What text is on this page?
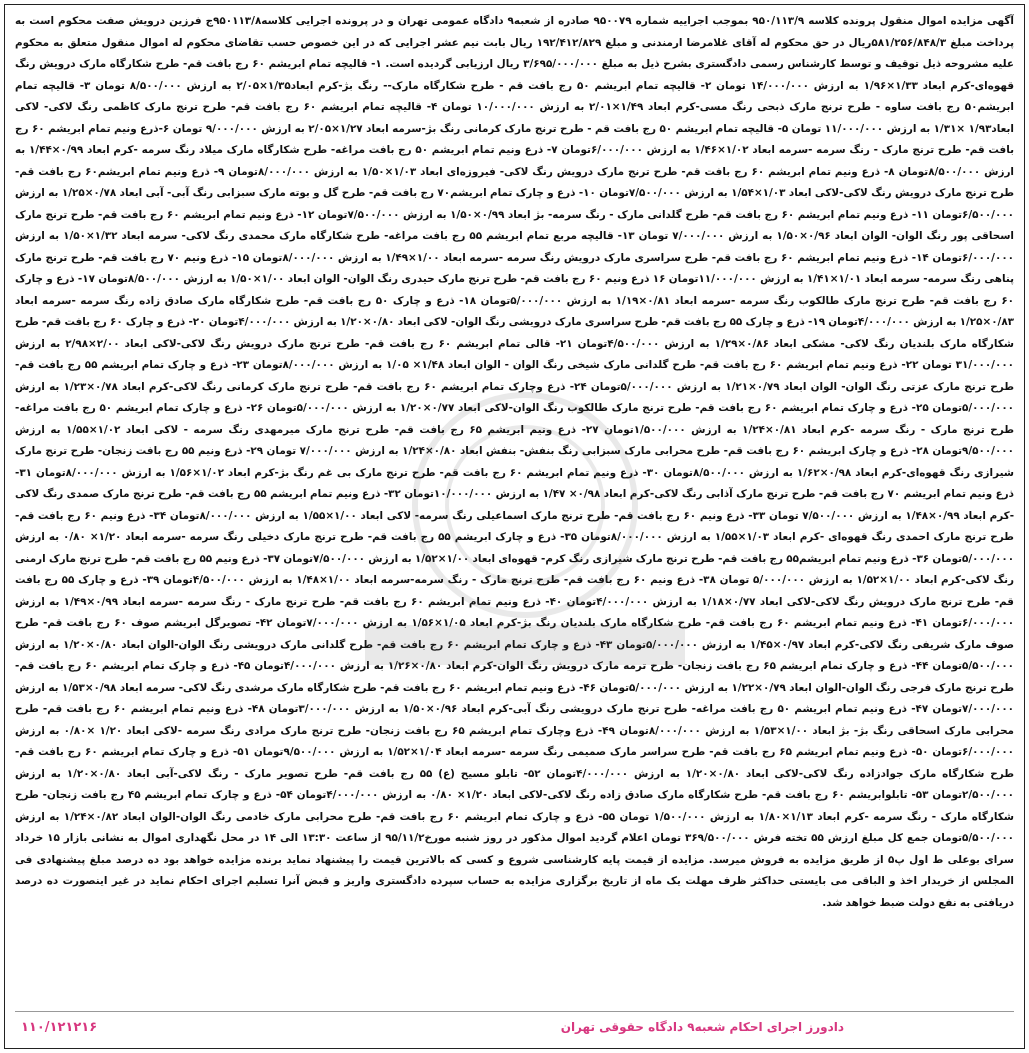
آگهی مزایده اموال منقول پرونده کلاسه ۹۵۰/۱۱۳/۹ بموجب اجراییه شماره ۹۵۰۰۷۹ صادره از شعبه۹ دادگاه عمومی تهران و در پرونده اجرایی کلاسه۹۵۰۱۱۳/۸ج فرزین درویش صفت محکوم است به پرداخت مبلغ ۵۸۱/۲۵۶/۸۴۸/۳ریال در حق محکوم له آقای غلامرضا ارمندنی و مبلغ ۱۹۲/۴۱۲/۸۲۹ ریال بابت نیم عشر اجرایی که در این خصوص حسب تقاضای محکوم له اموال منقول متعلق به محکوم علیه مشروحه ذیل توقیف و توسط کارشناس رسمی دادگستری بشرح ذیل به مبلغ ۳/۶۹۵/۰۰۰/۰۰۰ ریال ارزیابی گردیده است. ۱- قالیچه تمام ابریشم ۶۰ رج بافت قم- طرح شکارگاه مارک درویش رنگ قهوه‌ای-کرم ابعاد ۱/۳۳×۱/۹۶ به ارزش ۱۴/۰۰۰/۰۰۰ تومان ۲- قالیچه تمام ابریشم ۵۰ رج بافت قم - طرح شکارگاه مارک-- رنگ بژ-کرم ابعاد۱/۳۵×۲/۰۵ به ارزش ۸/۵۰۰/۰۰۰ تومان ۳- قالیچه تمام ابریشم۵۰ رج بافت ساوه - طرح ترنج مارک ذبحی رنگ مسی-کرم ابعاد ۱/۴۹×۲/۰۱ به ارزش ۱۰/۰۰۰/۰۰۰ تومان ۴- قالیچه تمام ابریشم ۶۰ رج بافت قم- طرح ترنج مارک کاظمی رنگ لاکی- لاکی ابعاد۱/۹۳ ×۱/۳۱ به ارزش ۱۱/۰۰۰/۰۰۰ تومان ۵- قالیچه تمام ابریشم ۵۰ رج بافت قم - طرح ترنج مارک کرمانی رنگ بژ-سرمه ابعاد ۱/۲۷×۲/۰۵ به ارزش ۹/۰۰۰/۰۰۰ تومان ۶-ذرع ونیم تمام ابریشم ۶۰ رج بافت قم- طرح ترنج مارک - رنگ سرمه -سرمه ابعاد ۱/۰۲×۱/۴۶ به ارزش ۶/۰۰۰/۰۰۰تومان ۷- ذرع ونیم تمام ابریشم ۵۰ رج بافت مراغه- طرح شکارگاه مارک میلاد رنگ سرمه -کرم ابعاد ۰/۹۹×۱/۴۴ به ارزش ۸/۵۰۰/۰۰۰تومان ۸- ذرع ونیم تمام ابریشم ۶۰ رج بافت قم- طرح ترنج مارک درویش رنگ لاکی- فیروزه‌ای ابعاد ۱/۰۳×۱/۵۰ به ارزش ۸/۰۰۰/۰۰۰تومان ۹- ذرع ونیم تمام ابریشم۶۰ رج بافت قم- طرح ترنج مارک درویش رنگ لاکی-لاکی ابعاد ۱/۰۳×۱/۵۴ به ارزش ۷/۵۰۰/۰۰۰تومان ۱۰- ذرع و چارک تمام ابریشم۷۰ رج بافت قم- طرح گل و بوته مارک سبزابی رنگ آبی- آبی ابعاد ۰/۷۸×۱/۲۵ به ارزش ۶/۵۰۰/۰۰۰تومان ۱۱- ذرع ونیم تمام ابریشم ۶۰ رج بافت قم- طرح گلدانی مارک - رنگ سرمه- بژ ابعاد ۰/۹۹×۱/۵۰ به ارزش ۷/۵۰۰/۰۰۰تومان ۱۲- ذرع ونیم تمام ابریشم ۶۰ رج بافت قم- طرح ترنج مارک اسحاقی پور رنگ الوان- الوان ابعاد ۰/۹۶×۱/۵۰ به ارزش ۷/۰۰۰/۰۰۰ تومان ۱۳- قالیچه مربع تمام ابریشم ۵۵ رج بافت مراغه- طرح شکارگاه مارک محمدی رنگ لاکی- سرمه ابعاد ۱/۳۲×۱/۵۰ به ارزش ۶/۰۰۰/۰۰۰تومان ۱۴- ذرع ونیم تمام ابریشم ۶۰ رج بافت قم- طرح سراسری مارک درویش رنگ سرمه -سرمه ابعاد ۱/۰۰×۱/۴۹ به ارزش ۸/۰۰۰/۰۰۰تومان ۱۵- ذرع ونیم ۷۰ رج بافت قم- طرح ترنج مارک پناهی رنگ سرمه- سرمه ابعاد ۱/۰۱×۱/۴۱ به ارزش ۱۱/۰۰۰/۰۰۰تومان ۱۶ ذرع ونیم ۶۰ رج بافت قم- طرح ترنج مارک حیدری رنگ الوان- الوان ابعاد ۱/۰۰×۱/۵۰ به ارزش ۸/۵۰۰/۰۰۰تومان ۱۷- ذرع و چارک ۶۰ رج بافت قم- طرح ترنج مارک طالکوب رنگ سرمه -سرمه ابعاد ۰/۸۱×۱/۱۹ به ارزش ۵/۰۰۰/۰۰۰تومان ۱۸- ذرع و چارک ۵۰ رج بافت قم- طرح شکارگاه مارک صادق زاده رنگ سرمه -سرمه ابعاد ۰/۸۳×۱/۲۵ به ارزش ۴/۰۰۰/۰۰۰تومان ۱۹- ذرع و چارک ۵۵ رج بافت قم- طرح سراسری مارک درویشی رنگ الوان- لاکی ابعاد ۰/۸۰×۱/۲۰ به ارزش ۴/۰۰۰/۰۰۰تومان ۲۰- ذرع و چارک ۶۰ رج بافت قم- طرح شکارگاه مارک بلندیان رنگ لاکی- مشکی ابعاد ۰/۸۶×۱/۲۹ به ارزش ۴/۵۰۰/۰۰۰تومان ۲۱- قالی تمام ابریشم ۶۰ رج بافت قم- طرح ترنج مارک درویش رنگ لاکی-لاکی ابعاد ۲/۰۰×۲/۹۸ به ارزش ۳۱/۰۰۰/۰۰۰ تومان ۲۲- ذرع ونیم تمام ابریشم ۶۰ رج بافت قم- طرح گلدانی مارک شیخی رنگ الوان - الوان ابعاد ۱/۴۸× ۱/۰۵ به ارزش ۸/۰۰۰/۰۰۰تومان ۲۳- ذرع و چارک تمام ابریشم ۵۵ رج بافت قم- طرح ترنج مارک عزتی رنگ الوان- الوان ابعاد ۰/۷۹×۱/۲۱ به ارزش ۵/۰۰۰/۰۰۰تومان ۲۴- ذرع وچارک تمام ابریشم ۶۰ رج بافت قم- طرح ترنج مارک کرمانی رنگ لاکی-کرم ابعاد ۰/۷۸×۱/۲۳ به ارزش ۵/۰۰۰/۰۰۰تومان ۲۵- ذرع و چارک تمام ابریشم ۶۰ رج بافت قم- طرح ترنج مارک طالکوب رنگ الوان-لاکی ابعاد ۰/۷۷×۱/۲۰ به ارزش ۵/۰۰۰/۰۰۰تومان ۲۶- ذرع و چارک تمام ابریشم ۵۰ رج بافت مراغه- طرح ترنج مارک - رنگ سرمه -کرم ابعاد ۰/۸۱×۱/۲۴ به ارزش ۱/۵۰۰/۰۰۰تومان ۲۷- ذرع ونیم ابریشم ۶۵ رج بافت قم- طرح ترنج مارک میرمهدی رنگ سرمه - لاکی ابعاد ۱/۰۲×۱/۵۵ به ارزش ۹/۵۰۰/۰۰۰تومان ۲۸- ذرع و چارک ابریشم ۶۰ رج بافت قم- طرح محرابی مارک سبزابی رنگ بنفش- بنفش ابعاد ۰/۸۰×۱/۲۴ به ارزش ۷/۰۰۰/۰۰۰ تومان ۲۹- ذرع ونیم ۵۵ رج بافت زنجان- طرح ترنج مارک شیرازی رنگ قهوه‌ای-کرم ابعاد ۰/۹۸×۱/۶۲ به ارزش ۸/۵۰۰/۰۰۰تومان ۳۰- ذرع ونیم تمام ابریشم ۶۰ رج بافت قم- طرح ترنج مارک بی غم رنگ بژ-کرم ابعاد ۱/۰۲×۱/۵۶ به ارزش ۸/۰۰۰/۰۰۰تومان ۳۱- ذرع ونیم تمام ابریشم ۷۰ رج بافت قم- طرح ترنج مارک آذابی رنگ لاکی-کرم ابعاد ۰/۹۸× ۱/۴۷ به ارزش ۱۰/۰۰۰/۰۰۰تومان ۳۲- ذرع ونیم تمام ابریشم ۵۵ رج بافت قم- طرح ترنج مارک صمدی رنگ لاکی -کرم ابعاد ۰/۹۹×۱/۴۸ به ارزش ۷/۵۰۰/۰۰۰ تومان ۳۳- ذرع ونیم ۶۰ رج بافت قم- طرح ترنج مارک اسماعیلی رنگ سرمه- لاکی ابعاد ۱/۰۰×۱/۵۵ به ارزش ۸/۰۰۰/۰۰۰تومان ۳۴- ذرع ونیم ۶۰ رج بافت قم- طرح ترنج مارک احمدی رنگ قهوه‌ای -کرم ابعاد ۱/۰۳×۱/۵۵ به ارزش ۸/۰۰۰/۰۰۰تومان ۳۵- ذرع و چارک ابریشم ۵۵ رج بافت قم- طرح ترنج مارک دخیلی رنگ سرمه -سرمه ابعاد ۱/۲۰× ۰/۸۰ به ارزش ۵/۰۰۰/۰۰۰تومان ۳۶- ذرع ونیم تمام ابریشم۵۵ رج بافت قم- طرح ترنج مارک شیرازی رنگ کرم- قهوه‌ای ابعاد ۱/۰۰×۱/۵۲ به ارزش ۷/۵۰۰/۰۰۰تومان ۳۷- ذرع ونیم ۵۵ رج بافت قم- طرح ترنج مارک ارمنی رنگ لاکی-کرم ابعاد ۱/۰۰×۱/۵۲ به ارزش ۵/۰۰۰/۰۰۰ تومان ۳۸- ذرع ونیم ۶۰ رج بافت قم- طرح ترنج مارک - رنگ سرمه-سرمه ابعاد ۱/۰۰×۱/۴۸ به ارزش ۴/۵۰۰/۰۰۰تومان ۳۹- ذرع و چارک ۵۵ رج بافت قم- طرح ترنج مارک درویش رنگ لاکی-لاکی ابعاد ۰/۷۷×۱/۱۸ به ارزش ۴/۰۰۰/۰۰۰تومان ۴۰- ذرع ونیم تمام ابریشم ۶۰ رج بافت قم- طرح ترنج مارک - رنگ سرمه -سرمه ابعاد ۰/۹۹×۱/۴۹ به ارزش ۶/۰۰۰/۰۰۰تومان ۴۱- ذرع ونیم تمام ابریشم ۶۰ رج بافت قم- طرح شکارگاه مارک بلندیان رنگ بژ-کرم ابعاد ۱/۰۵×۱/۵۶ به ارزش ۷/۰۰۰/۰۰۰تومان ۴۲- تصویرگل ابریشم صوف ۶۰ رج بافت قم- طرح صوف مارک شریفی رنگ لاکی-کرم ابعاد ۰/۹۷×۱/۴۵ به ارزش ۵/۰۰۰/۰۰۰تومان ۴۳- ذرع و چارک تمام ابریشم ۶۰ رج بافت قم- طرح گلدانی مارک درویشی رنگ الوان-الوان ابعاد ۰/۸۰×۱/۲۰ به ارزش ۵/۵۰۰/۰۰۰تومان ۴۴- ذرع و چارک تمام ابریشم ۶۵ رج بافت زنجان- طرح ترمه مارک درویش رنگ الوان-کرم ابعاد ۰/۸۰×۱/۲۶ به ارزش ۴/۰۰۰/۰۰۰تومان ۴۵- ذرع و چارک تمام ابریشم ۶۰ رج بافت قم- طرح ترنج مارک فرجی رنگ الوان-الوان ابعاد ۰/۷۹×۱/۲۲ به ارزش ۵/۰۰۰/۰۰۰تومان ۴۶- ذرع ونیم تمام ابریشم ۶۰ رج بافت قم- طرح شکارگاه مارک مرشدی رنگ لاکی- سرمه ابعاد ۰/۹۸×۱/۵۳ به ارزش ۷/۰۰۰/۰۰۰تومان ۴۷- ذرع ونیم تمام ابریشم ۵۰ رج بافت مراغه- طرح ترنج مارک درویشی رنگ آبی-کرم ابعاد ۰/۹۶×۱/۵۰ به ارزش ۳/۰۰۰/۰۰۰تومان ۴۸- ذرع ونیم تمام ابریشم ۶۰ رج بافت قم- طرح محرابی مارک اسحاقی رنگ بژ- بژ ابعاد ۱/۰۰×۱/۵۳ به ارزش ۸/۰۰۰/۰۰۰تومان ۴۹- ذرع وچارک تمام ابریشم ۶۵ رج بافت زنجان- طرح ترنج مارک مرادی رنگ سرمه -لاکی ابعاد ۱/۲۰ ×۰/۸۰ به ارزش ۶/۰۰۰/۰۰۰تومان ۵۰- ذرع ونیم تمام ابریشم ۶۵ رج بافت قم- طرح سراسر مارک صمیمی رنگ سرمه -سرمه ابعاد ۱/۰۴×۱/۵۲ به ارزش ۹/۵۰۰/۰۰۰تومان ۵۱- ذرع و چارک تمام ابریشم ۶۰ رج بافت قم- طرح شکارگاه مارک جوادزاده رنگ لاکی-لاکی ابعاد ۰/۸۰×۱/۲۰ به ارزش ۴/۰۰۰/۰۰۰تومان ۵۲- تابلو مسیح (ع) ۵۵ رج بافت قم- طرح تصویر مارک - رنگ لاکی-آبی ابعاد ۰/۸۰×۱/۲۰ به ارزش ۲/۵۰۰/۰۰۰تومان ۵۳- تابلوابریشم ۶۰ رج بافت قم- طرح شکارگاه مارک صادق زاده رنگ لاکی-لاکی ابعاد ۱/۲۰× ۰/۸۰ به ارزش ۴/۰۰۰/۰۰۰تومان ۵۴- ذرع و چارک تمام ابریشم ۴۵ رج بافت زنجان- طرح شکارگاه مارک - رنگ سرمه -کرم ابعاد ۱/۱۳×۱/۸۰ به ارزش ۱/۵۰۰/۰۰۰ تومان ۵۵- ذرع و چارک تمام ابریشم ۶۰ رج بافت قم- طرح محرابی مارک خادمی رنگ الوان-الوان ابعاد ۰/۸۲×۱/۲۴ به ارزش ۵/۵۰۰/۰۰۰تومان جمع کل مبلغ ارزش ۵۵ تخته فرش ۳۶۹/۵۰۰/۰۰۰ تومان اعلام گردید اموال مذکور در روز شنبه مورخ۹۵/۱۱/۲ از ساعت ۱۳:۳۰ الی ۱۴ در محل نگهداری اموال به نشانی بازار ۱۵ خرداد سرای بوعلی ط اول پ۵ از طریق مزایده به فروش میرسد. مزایده از قیمت پایه کارشناسی شروع و کسی که بالاترین قیمت را پیشنهاد نماید برنده مزایده خواهد بود ده درصد مبلغ پیشنهادی فی المجلس از خریدار اخذ و الباقی می بایستی حداکثر ظرف مهلت یک ماه از تاریخ برگزاری مزایده به حساب سپرده دادگستری واریز و قبض آنرا تسلیم اجرای احکام نماید در غیر اینصورت ده درصد دریافتی به نفع دولت ضبط خواهد شد.
دادورز اجرای احکام شعبه۹ دادگاه حقوقی تهران
۱۱۰/۱۲۱۲۱۶
